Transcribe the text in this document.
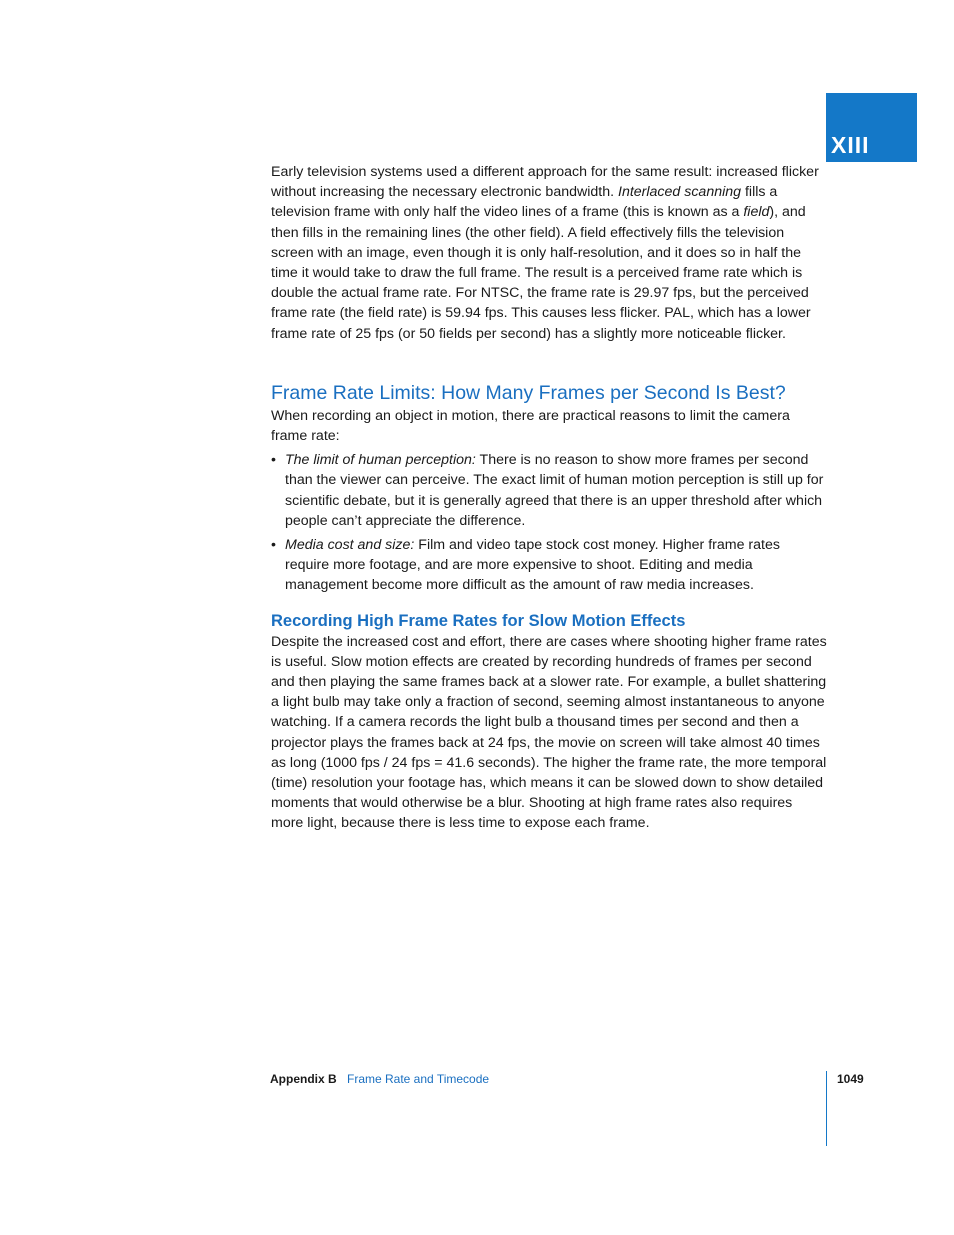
XIII

Early television systems used a different approach for the same result: increased flicker without increasing the necessary electronic bandwidth. Interlaced scanning fills a television frame with only half the video lines of a frame (this is known as a field), and then fills in the remaining lines (the other field). A field effectively fills the television screen with an image, even though it is only half-resolution, and it does so in half the time it would take to draw the full frame. The result is a perceived frame rate which is double the actual frame rate. For NTSC, the frame rate is 29.97 fps, but the perceived frame rate (the field rate) is 59.94 fps. This causes less flicker. PAL, which has a lower frame rate of 25 fps (or 50 fields per second) has a slightly more noticeable flicker.

Frame Rate Limits: How Many Frames per Second Is Best?

When recording an object in motion, there are practical reasons to limit the camera frame rate:

• The limit of human perception: There is no reason to show more frames per second than the viewer can perceive. The exact limit of human motion perception is still up for scientific debate, but it is generally agreed that there is an upper threshold after which people can’t appreciate the difference.
• Media cost and size: Film and video tape stock cost money. Higher frame rates require more footage, and are more expensive to shoot. Editing and media management become more difficult as the amount of raw media increases.
Recording High Frame Rates for Slow Motion Effects

Despite the increased cost and effort, there are cases where shooting higher frame rates is useful. Slow motion effects are created by recording hundreds of frames per second and then playing the same frames back at a slower rate. For example, a bullet shattering a light bulb may take only a fraction of second, seeming almost instantaneous to anyone watching. If a camera records the light bulb a thousand times per second and then a projector plays the frames back at 24 fps, the movie on screen will take almost 40 times as long (1000 fps / 24 fps = 41.6 seconds). The higher the frame rate, the more temporal (time) resolution your footage has, which means it can be slowed down to show detailed moments that would otherwise be a blur. Shooting at high frame rates also requires more light, because there is less time to expose each frame.

Appendix B Frame Rate and Timecode	1049
